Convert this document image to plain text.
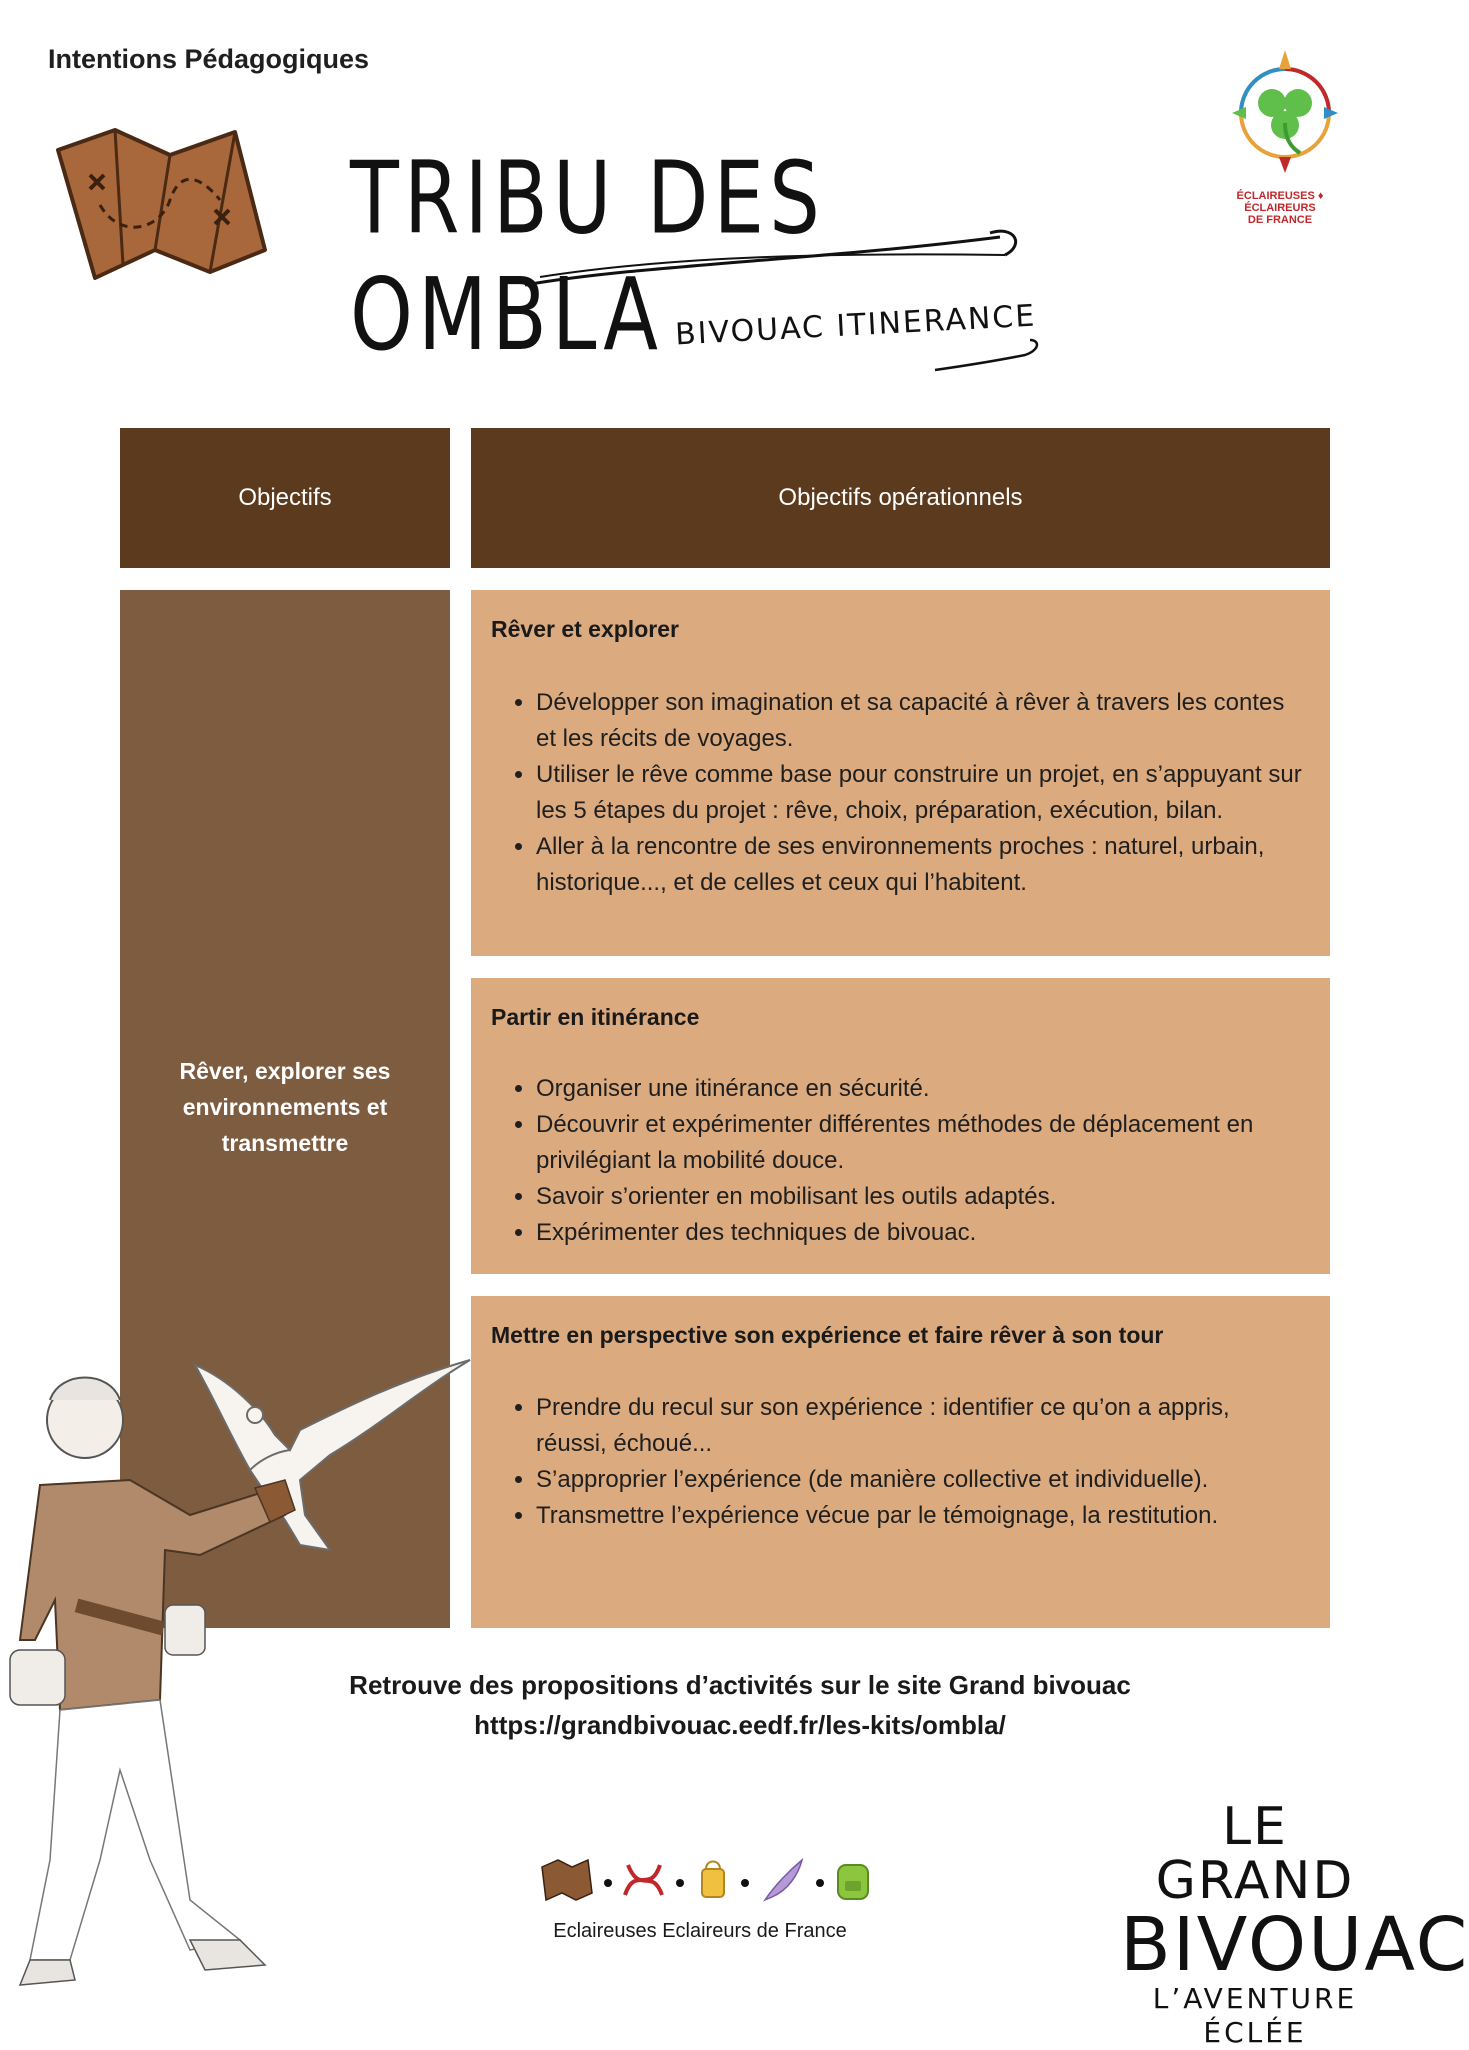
Intentions Pédagogiques
TRIBU DES OMBLA BIVOUAC ITINERANCE
ÉCLAIREUSES ♦ ÉCLAIREURS
DE FRANCE
Objectifs	Objectifs opérationnels
Rêver, explorer ses environnements et transmettre
Rêver et explorer
• Développer son imagination et sa capacité à rêver à travers les contes et les récits de voyages.
• Utiliser le rêve comme base pour construire un projet, en s’appuyant sur les 5 étapes du projet : rêve, choix, préparation, exécution, bilan.
• Aller à la rencontre de ses environnements proches : naturel, urbain, historique..., et de celles et ceux qui l’habitent.
Partir en itinérance
• Organiser une itinérance en sécurité.
• Découvrir et expérimenter différentes méthodes de déplacement en privilégiant la mobilité douce.
• Savoir s’orienter en mobilisant les outils adaptés.
• Expérimenter des techniques de bivouac.
Mettre en perspective son expérience et faire rêver à son tour
• Prendre du recul sur son expérience : identifier ce qu’on a appris, réussi, échoué...
• S’approprier l’expérience (de manière collective et individuelle).
• Transmettre l’expérience vécue par le témoignage, la restitution.
Retrouve des propositions d’activités sur le site Grand bivouac
https://grandbivouac.eedf.fr/les-kits/ombla/
Eclaireuses Eclaireurs de France
LE GRAND
BIVOUAC
L’AVENTURE ÉCLÉE
